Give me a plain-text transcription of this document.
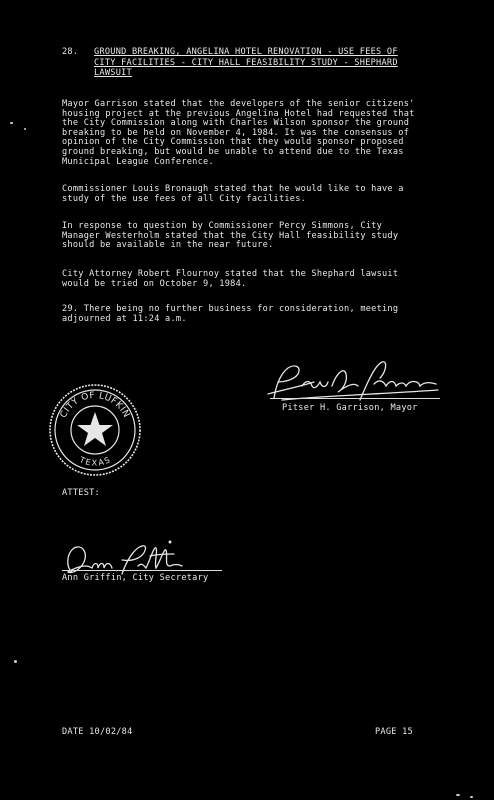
28. GROUND BREAKING, ANGELINA HOTEL RENOVATION - USE FEES OF
CITY FACILITIES - CITY HALL FEASIBILITY STUDY - SHEPHARD
LAWSUIT

Mayor Garrison stated that the developers of the senior citizens'
housing project at the previous Angelina Hotel had requested that
the City Commission along with Charles Wilson sponsor the ground
breaking to be held on November 4, 1984. It was the consensus of
opinion of the City Commission that they would sponsor proposed
ground breaking, but would be unable to attend due to the Texas
Municipal League Conference.

Commissioner Louis Bronaugh stated that he would like to have a
study of the use fees of all City facilities.

In response to question by Commissioner Percy Simmons, City
Manager Westerholm stated that the City Hall feasibility study
should be available in the near future.

City Attorney Robert Flournoy stated that the Shephard lawsuit
would be tried on October 9, 1984.

29. There being no further business for consideration, meeting
adjourned at 11:24 a.m.

Pitser H. Garrison, Mayor
CITY OF LUFKIN
TEXAS
ATTEST:
Ann Griffin, City Secretary
DATE 10/02/84	PAGE 15
